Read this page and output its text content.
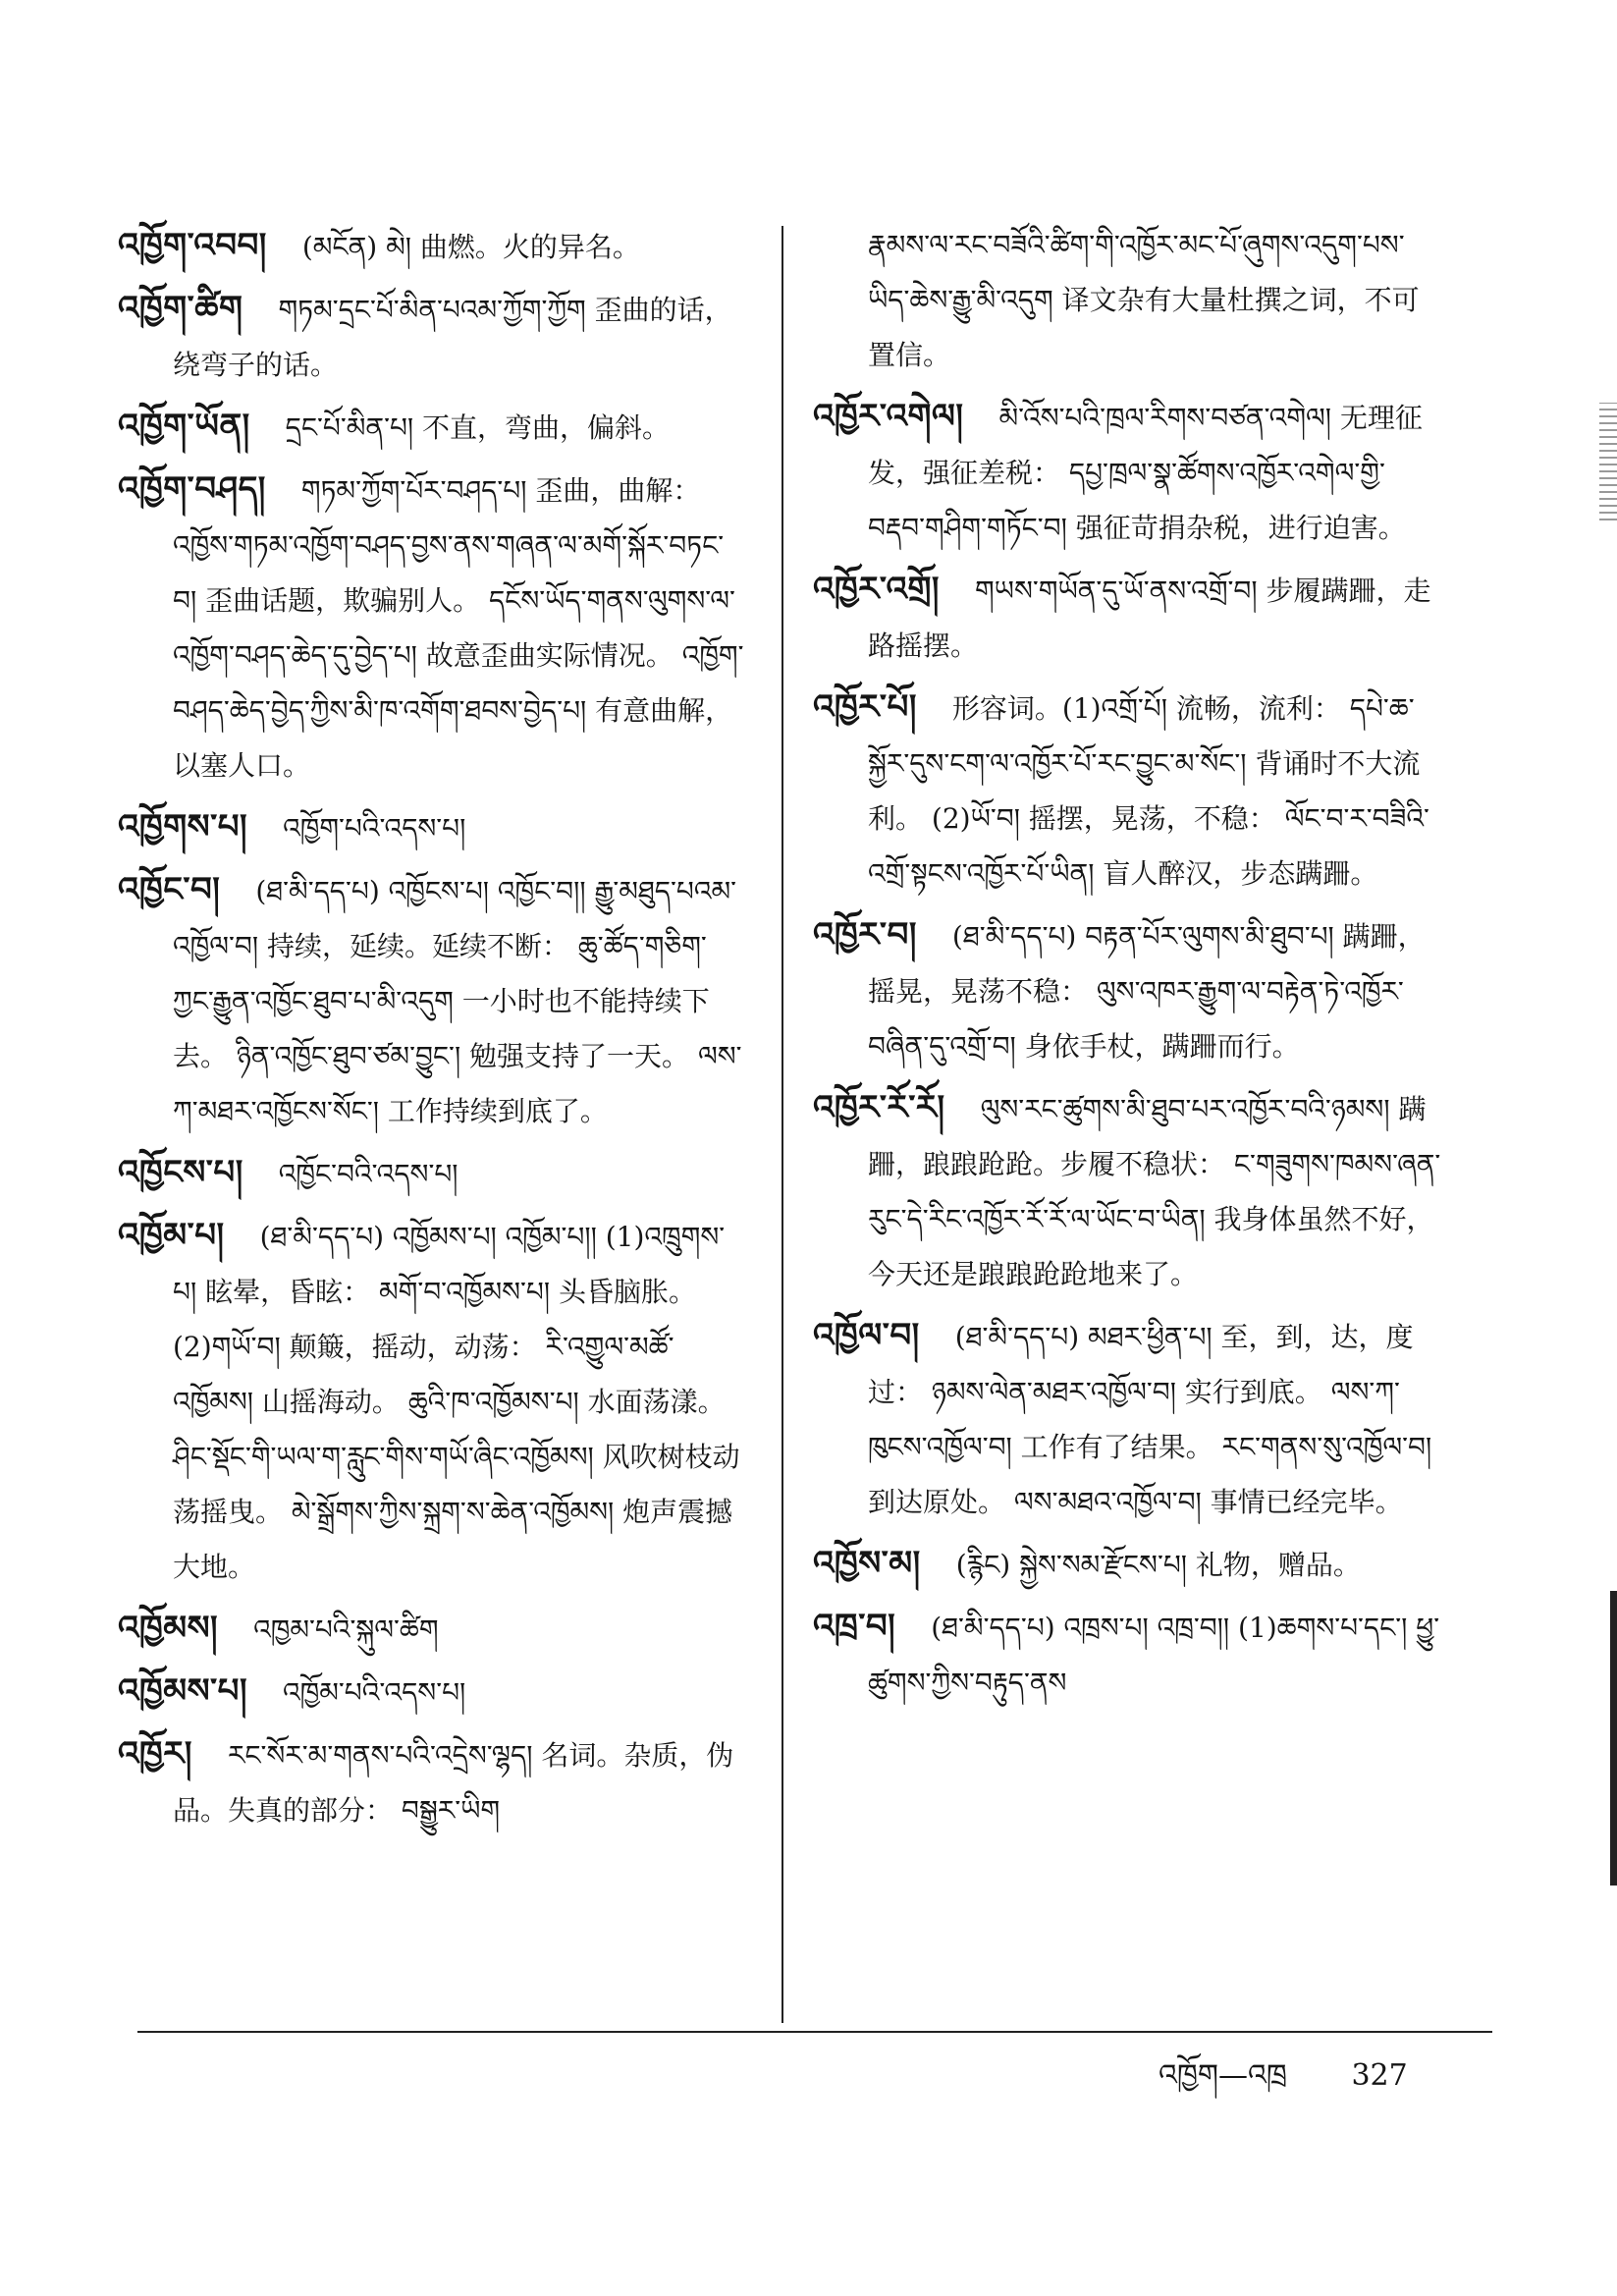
འཁྱོག་འབབ། (མངོན) མེ། 曲燃。火的异名。
འཁྱོག་ཚིག གཏམ་དྲང་པོ་མིན་པའམ་ཀྱོག་ཀྱོག 歪曲的话，绕弯子的话。
འཁྱོག་ཡོན། དྲང་པོ་མིན་པ། 不直，弯曲，偏斜。
འཁྱོག་བཤད། གཏམ་ཀྱོག་པོར་བཤད་པ། 歪曲，曲解： འཁྱོས་གཏམ་འཁྱོག་བཤད་བྱས་ནས་གཞན་ལ་མགོ་སྐོར་བཏང་བ། 歪曲话题，欺骗别人。 དངོས་ཡོད་གནས་ལུགས་ལ་འཁྱོག་བཤད་ཆེད་དུ་བྱེད་པ། 故意歪曲实际情况。 འཁྱོག་བཤད་ཆེད་བྱེད་ཀྱིས་མི་ཁ་འགོག་ཐབས་བྱེད་པ། 有意曲解，以塞人口。
འཁྱོགས་པ། འཁྱོག་པའི་འདས་པ།
འཁྱོང་བ། (ཐ་མི་དད་པ) འཁྱོངས་པ། འཁྱོང་བ།། རྒྱུ་མཐུད་པའམ་འཁྱོལ་བ། 持续，延续。延续不断： ཆུ་ཚོད་གཅིག་ཀྱང་རྒྱུན་འཁྱོང་ཐུབ་པ་མི་འདུག 一小时也不能持续下去。 ཉིན་འཁྱོང་ཐུབ་ཙམ་བྱུང་། 勉强支持了一天。 ལས་ཀ་མཐར་འཁྱོངས་སོང་། 工作持续到底了。
འཁྱོངས་པ། འཁྱོང་བའི་འདས་པ།
འཁྱོམ་པ། (ཐ་མི་དད་པ) འཁྱོམས་པ། འཁྱོམ་པ།། (1)འཁྲུགས་པ། 眩晕，昏眩： མགོ་བ་འཁྱོམས་པ། 头昏脑胀。 (2)གཡོ་བ། 颠簸，摇动，动荡： རི་འགྱུལ་མཚོ་འཁྱོམས། 山摇海动。 ཆུའི་ཁ་འཁྱོམས་པ། 水面荡漾。 ཤིང་སྡོང་གི་ཡལ་ག་རླུང་གིས་གཡོ་ཞིང་འཁྱོམས། 风吹树枝动荡摇曳。 མེ་སྒྲོགས་ཀྱིས་སྐྲག་ས་ཆེན་འཁྱོམས། 炮声震撼大地。
འཁྱོམས། འཁྱམ་པའི་སྐུལ་ཚིག
འཁྱོམས་པ། འཁྱོམ་པའི་འདས་པ།
འཁྱོར། རང་སོར་མ་གནས་པའི་འདྲེས་ལྷད། 名词。杂质，伪品。失真的部分： བསྒྱུར་ཡིག
རྣམས་ལ་རང་བཟོའི་ཚིག་གི་འཁྱོར་མང་པོ་ཞུགས་འདུག་པས་ཡིད་ཆེས་རྒྱུ་མི་འདུག 译文杂有大量杜撰之词，不可置信。
འཁྱོར་འགེལ། མི་འོས་པའི་ཁྲལ་རིགས་བཙན་འགེལ། 无理征发，强征差税： དཔྱ་ཁྲལ་སྣ་ཚོགས་འཁྱོར་འགེལ་གྱི་བརྡབ་གཤིག་གཏོང་བ། 强征苛捐杂税，进行迫害。
འཁྱོར་འགྲོ། གཡས་གཡོན་དུ་ཡོ་ནས་འགྲོ་བ། 步履蹒跚，走路摇摆。
འཁྱོར་པོ། 形容词。(1)འགྲོ་པོ། 流畅，流利： དཔེ་ཆ་སྐྱོར་དུས་ངག་ལ་འཁྱོར་པོ་རང་བྱུང་མ་སོང་། 背诵时不大流利。 (2)ཡོ་བ། 摇摆，晃荡，不稳： ལོང་བ་ར་བཟིའི་འགྲོ་སྟངས་འཁྱོར་པོ་ཡིན། 盲人醉汉，步态蹒跚。
འཁྱོར་བ། (ཐ་མི་དད་པ) བརྟན་པོར་ལུགས་མི་ཐུབ་པ། 蹒跚，摇晃，晃荡不稳： ལུས་འཁར་རྒྱུག་ལ་བརྟེན་ཏེ་འཁྱོར་བཞིན་དུ་འགྲོ་བ། 身依手杖，蹒跚而行。
འཁྱོར་རོ་རོ། ལུས་རང་ཚུགས་མི་ཐུབ་པར་འཁྱོར་བའི་ཉམས། 蹒跚，踉踉跄跄。步履不稳状： ང་གཟུགས་ཁམས་ཞན་རུང་དེ་རིང་འཁྱོར་རོ་རོ་ལ་ཡོང་བ་ཡིན། 我身体虽然不好，今天还是踉踉跄跄地来了。
འཁྱོལ་བ། (ཐ་མི་དད་པ) མཐར་ཕྱིན་པ། 至，到，达，度过： ཉམས་ལེན་མཐར་འཁྱོལ་བ། 实行到底。 ལས་ཀ་ཁུངས་འཁྱོལ་བ། 工作有了结果。 རང་གནས་སུ་འཁྱོལ་བ། 到达原处。 ལས་མཐའ་འཁྱོལ་བ། 事情已经完毕。
འཁྱོས་མ། (རྙིང) སྐྱེས་སམ་རྫོངས་པ། 礼物，赠品。
འཁྲ་བ། (ཐ་མི་དད་པ) འཁྲས་པ། འཁྲ་བ།། (1)ཆགས་པ་དང་། ཕྱུ་ཚུགས་ཀྱིས་བརྟུད་ནས
འཁྱོག—འཁྲ 327
